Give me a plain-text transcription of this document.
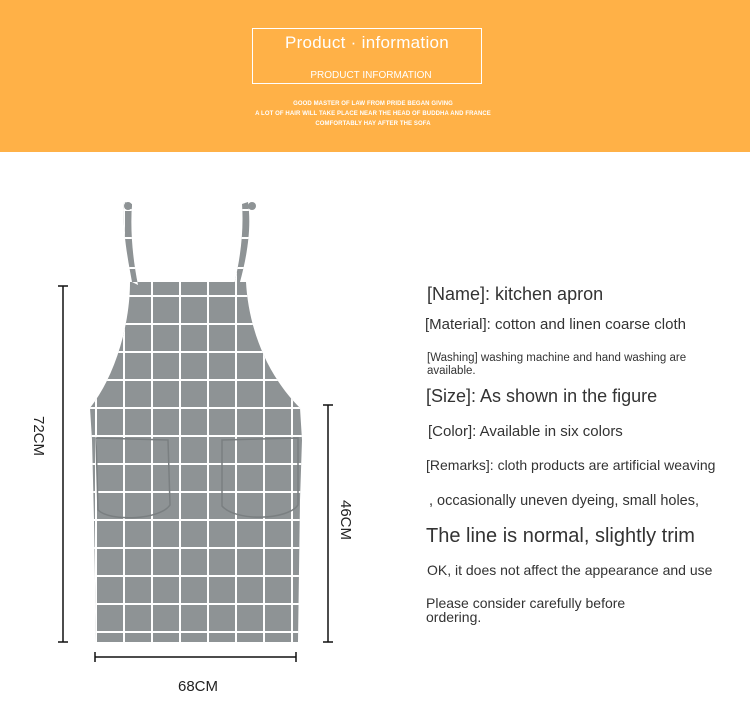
Product · information
PRODUCT INFORMATION
GOOD MASTER OF LAW FROM PRIDE BEGAN GIVING
A LOT OF HAIR WILL TAKE PLACE NEAR THE HEAD OF BUDDHA AND FRANCE
COMFORTABLY HAY AFTER THE SOFA
72CM
46CM
68CM
[Name]: kitchen apron
[Material]: cotton and linen coarse cloth
[Washing] washing machine and hand washing are available.
[Size]: As shown in the figure
[Color]: Available in six colors
[Remarks]: cloth products are artificial weaving
, occasionally uneven dyeing, small holes,
The line is normal, slightly trim
OK, it does not affect the appearance and use
Please consider carefully before ordering.
